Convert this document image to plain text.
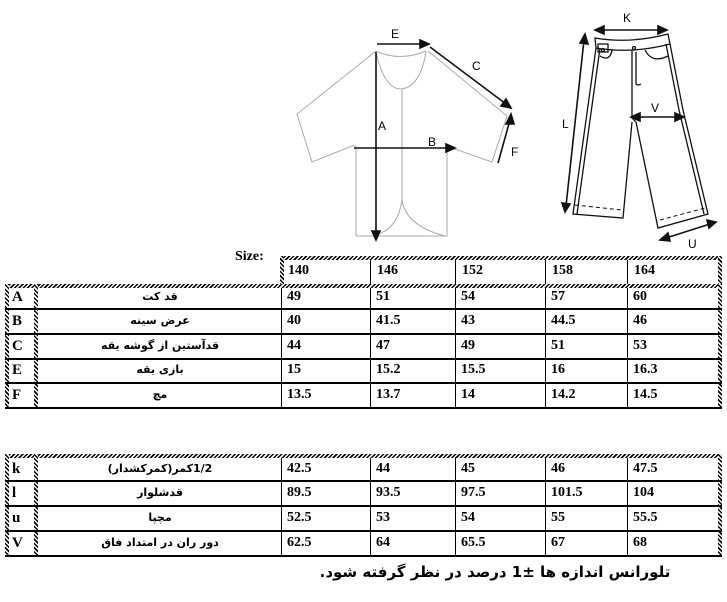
E
C
A
B
F
K
L
V
U
Size:
140	146	152	158	164
A	قد کت	49	51	54	57	60
B	عرض سینه	40	41.5	43	44.5	46
C	قدآستین از گوشه یقه	44	47	49	51	53
E	بازی یقه	15	15.2	15.5	16	16.3
F	مچ	13.5	13.7	14	14.2	14.5
k	1/2کمر(کمرکشدار)	42.5	44	45	46	47.5
l	قدشلوار	89.5	93.5	97.5	101.5	104
u	مچپا	52.5	53	54	55	55.5
V	دور ران در امتداد فاق	62.5	64	65.5	67	68
تلورانس اندازه ها ±1 درصد در نظر گرفته شود.
